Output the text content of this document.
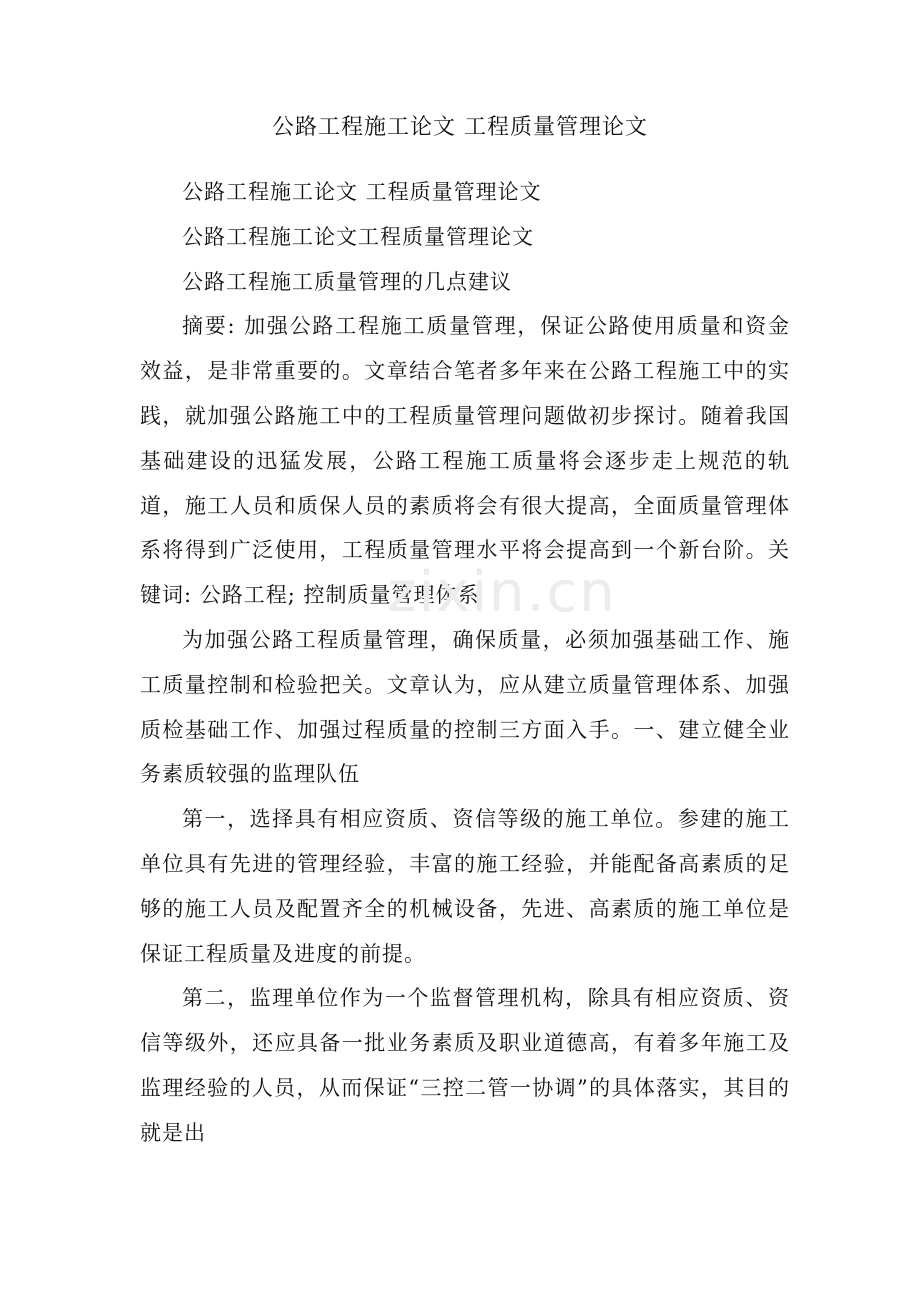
公路工程施工论文 工程质量管理论文

公路工程施工论文 工程质量管理论文

公路工程施工论文工程质量管理论文

公路工程施工质量管理的几点建议

摘要: 加强公路工程施工质量管理，保证公路使用质量和资金效益，是非常重要的。文章结合笔者多年来在公路工程施工中的实践，就加强公路施工中的工程质量管理问题做初步探讨。随着我国基础建设的迅猛发展，公路工程施工质量将会逐步走上规范的轨道，施工人员和质保人员的素质将会有很大提高，全面质量管理体系将得到广泛使用，工程质量管理水平将会提高到一个新台阶。关键词: 公路工程; 控制质量管理体系

为加强公路工程质量管理，确保质量，必须加强基础工作、施工质量控制和检验把关。文章认为，应从建立质量管理体系、加强质检基础工作、加强过程质量的控制三方面入手。一、建立健全业务素质较强的监理队伍

第一，选择具有相应资质、资信等级的施工单位。参建的施工单位具有先进的管理经验，丰富的施工经验，并能配备高素质的足够的施工人员及配置齐全的机械设备，先进、高素质的施工单位是保证工程质量及进度的前提。

第二，监理单位作为一个监督管理机构，除具有相应资质、资信等级外，还应具备一批业务素质及职业道德高，有着多年施工及监理经验的人员，从而保证“三控二管一协调”的具体落实，其目的就是出

zixin.cn
